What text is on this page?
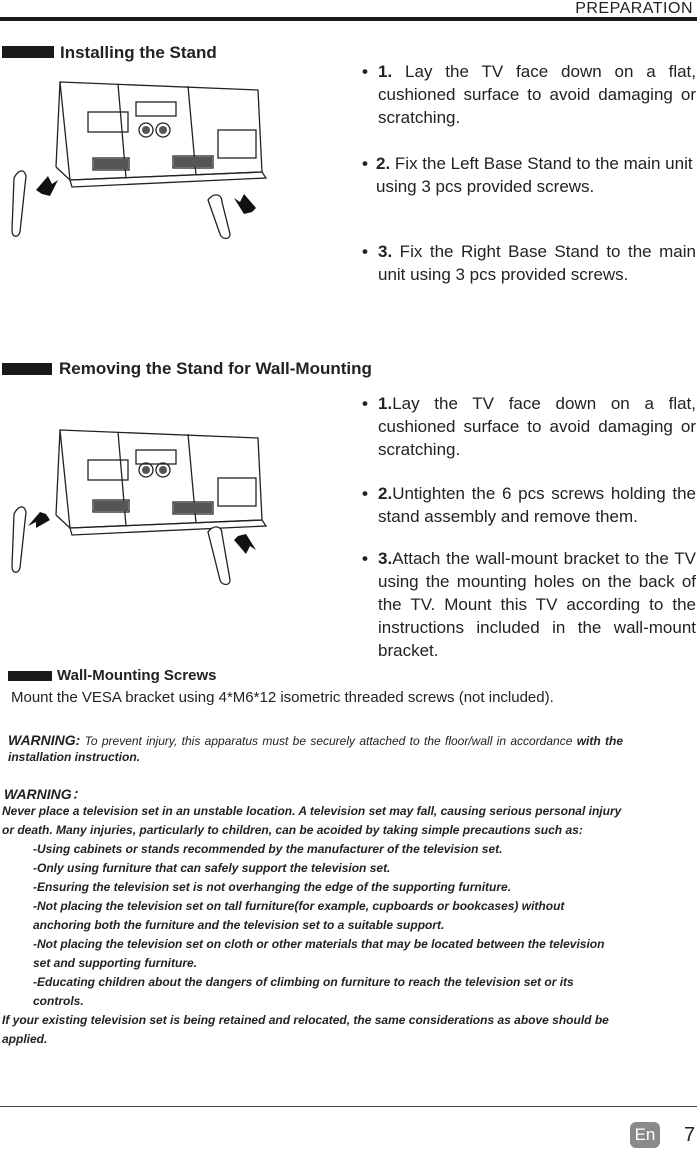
PREPARATION
Installing the Stand
• 1. Lay the TV face down on a flat, cushioned surface to avoid damaging or scratching.
• 2. Fix the Left Base Stand to the main unit using 3 pcs provided screws.
• 3. Fix the Right Base Stand to the main unit using 3 pcs provided screws.
Removing the Stand for Wall-Mounting
• 1.Lay the TV face down on a flat, cushioned surface to avoid damaging or scratching.
• 2.Untighten the 6 pcs screws holding the stand assembly and remove them.
• 3.Attach the wall-mount bracket to the TV using the mounting holes on the back of the TV. Mount this TV according to the instructions included in the wall-mount bracket.
Wall-Mounting Screws
Mount the VESA bracket using 4*M6*12 isometric threaded screws (not included).
WARNING: To prevent injury, this apparatus must be securely attached to the floor/wall in accordance with the installation instruction.
WARNING：
Never place a television set in an unstable location. A television set may fall, causing serious personal injury or death. Many injuries, particularly to children, can be acoided by taking simple precautions such as:
-Using cabinets or stands recommended by the manufacturer of the television set.
-Only using furniture that can safely support the television set.
-Ensuring the television set is not overhanging the edge of the supporting furniture.
-Not placing the television set on tall furniture(for example, cupboards or bookcases) without anchoring both the furniture and the television set to a suitable support.
-Not placing the television set on cloth or other materials that may be located between the television set and supporting furniture.
-Educating children about the dangers of climbing on furniture to reach the television set or its controls.
If your existing television set is being retained and relocated, the same considerations as above should be applied.
En 7
